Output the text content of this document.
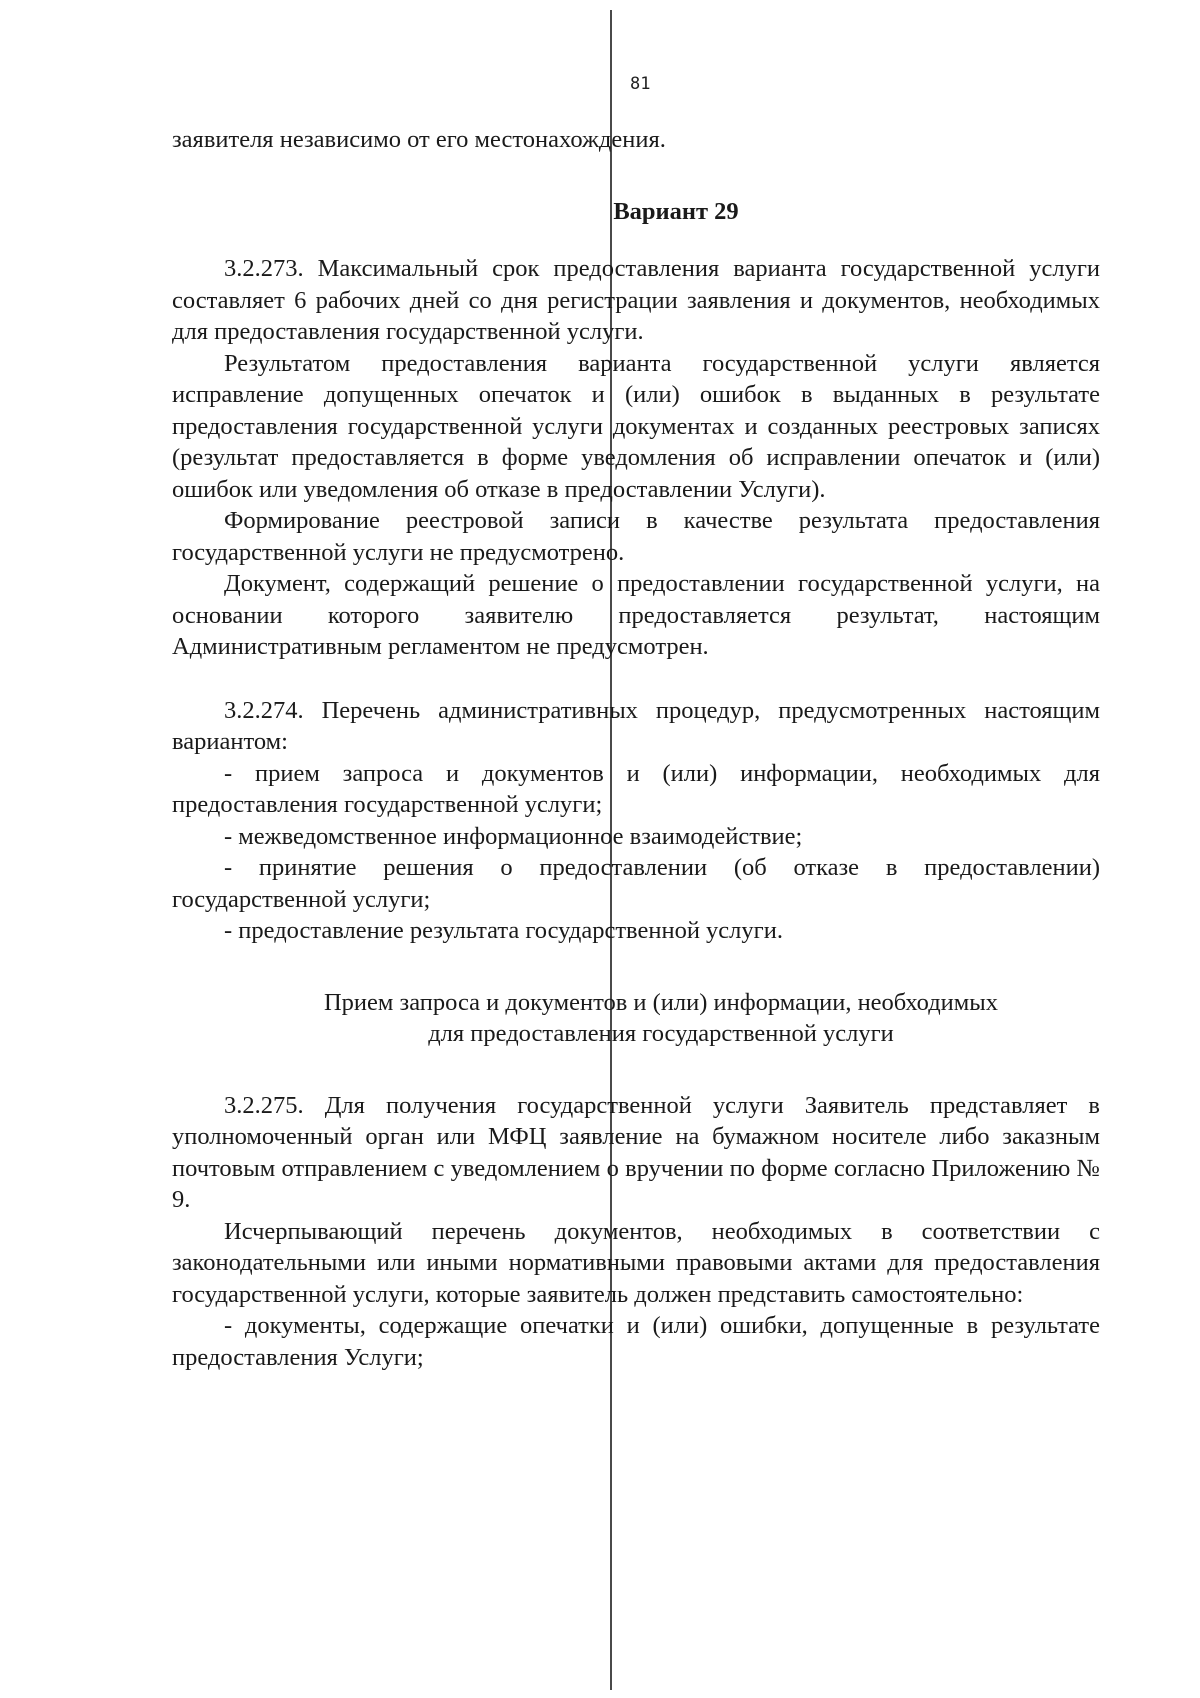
81

заявителя независимо от его местонахождения.

Вариант 29

3.2.273. Максимальный срок предоставления варианта государственной услуги составляет 6 рабочих дней со дня регистрации заявления и документов, необходимых для предоставления государственной услуги.

Результатом предоставления варианта государственной услуги является исправление допущенных опечаток и (или) ошибок в выданных в результате предоставления государственной услуги документах и созданных реестровых записях (результат предоставляется в форме уведомления об исправлении опечаток и (или) ошибок или уведомления об отказе в предоставлении Услуги).

Формирование реестровой записи в качестве результата предоставления государственной услуги не предусмотрено.

Документ, содержащий решение о предоставлении государственной услуги, на основании которого заявителю предоставляется результат, настоящим Административным регламентом не предусмотрен.

3.2.274. Перечень административных процедур, предусмотренных настоящим вариантом:

- прием запроса и документов и (или) информации, необходимых для предоставления государственной услуги;

- межведомственное информационное взаимодействие;

- принятие решения о предоставлении (об отказе в предоставлении) государственной услуги;

- предоставление результата государственной услуги.

Прием запроса и документов и (или) информации, необходимых

для предоставления государственной услуги

3.2.275. Для получения государственной услуги Заявитель представляет в уполномоченный орган или МФЦ заявление на бумажном носителе либо заказным почтовым отправлением с уведомлением о вручении по форме согласно Приложению № 9.

Исчерпывающий перечень документов, необходимых в соответствии с законодательными или иными нормативными правовыми актами для предоставления государственной услуги, которые заявитель должен представить самостоятельно:

- документы, содержащие опечатки и (или) ошибки, допущенные в результате предоставления Услуги;
